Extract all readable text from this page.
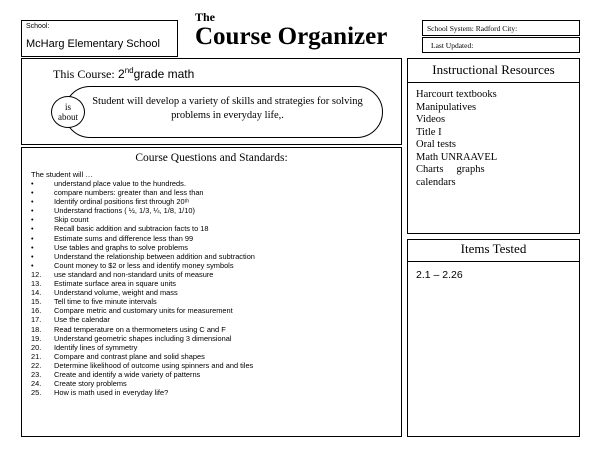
School:
McHarg Elementary School
The
Course Organizer	School System: Radford City:
Last Updated:
This Course: 2ndgrade math
is
about
Student will develop a variety of skills and strategies for solving problems in everyday life,.
Course Questions and Standards:
The student will …
•	understand place value to the hundreds.
•	compare numbers: greater than and less than
•	Identify ordinal positions first through 20ᵗʰ
•	Understand fractions ( ½, 1/3, ¼, 1/8, 1/10)
•	Skip count
•	Recall basic addition and subtracion facts to 18
•	Estimate sums and difference less than 99
•	Use tables and graphs to solve problems
•	Understand the relationship between addition and subtraction
•	Count money to $2 or less and identify money symbols
12. use standard and non-standard units of measure
13. Estimate surface area in square units
14. Understand volume, weight and mass
15. Tell time to five minute intervals
16. Compare metric and customary units for measurement
17. Use the calendar
18. Read temperature on a thermometers using C and F
19. Understand geometric shapes including 3 dimensional
20. Identify lines of symmetry
21. Compare and contrast plane and solid shapes
22. Determine likelihood of outcome using spinners and and tiles
23. Create and identify a wide variety of patterns
24. Create story problems
25. How is math used in everyday life?
Instructional Resources
Harcourt textbooks
Manipulatives
Videos
Title I
Oral tests
Math UNRAAVEL
Charts     graphs
calendars
Items Tested
2.1 – 2.26
